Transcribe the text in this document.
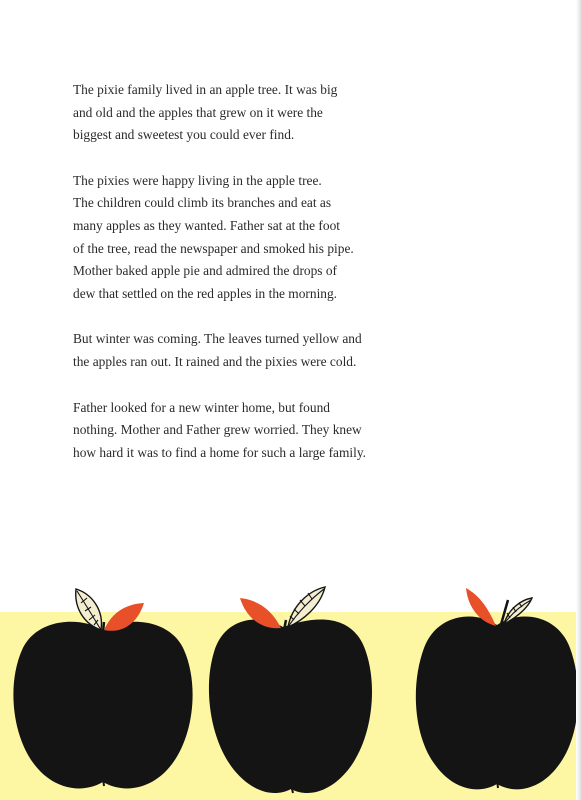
The pixie family lived in an apple tree. It was big
and old and the apples that grew on it were the
biggest and sweetest you could ever find.

The pixies were happy living in the apple tree.
The children could climb its branches and eat as
many apples as they wanted. Father sat at the foot
of the tree, read the newspaper and smoked his pipe.
Mother baked apple pie and admired the drops of
dew that settled on the red apples in the morning.

But winter was coming. The leaves turned yellow and
the apples ran out. It rained and the pixies were cold.

Father looked for a new winter home, but found
nothing. Mother and Father grew worried. They knew
how hard it was to find a home for such a large family.
